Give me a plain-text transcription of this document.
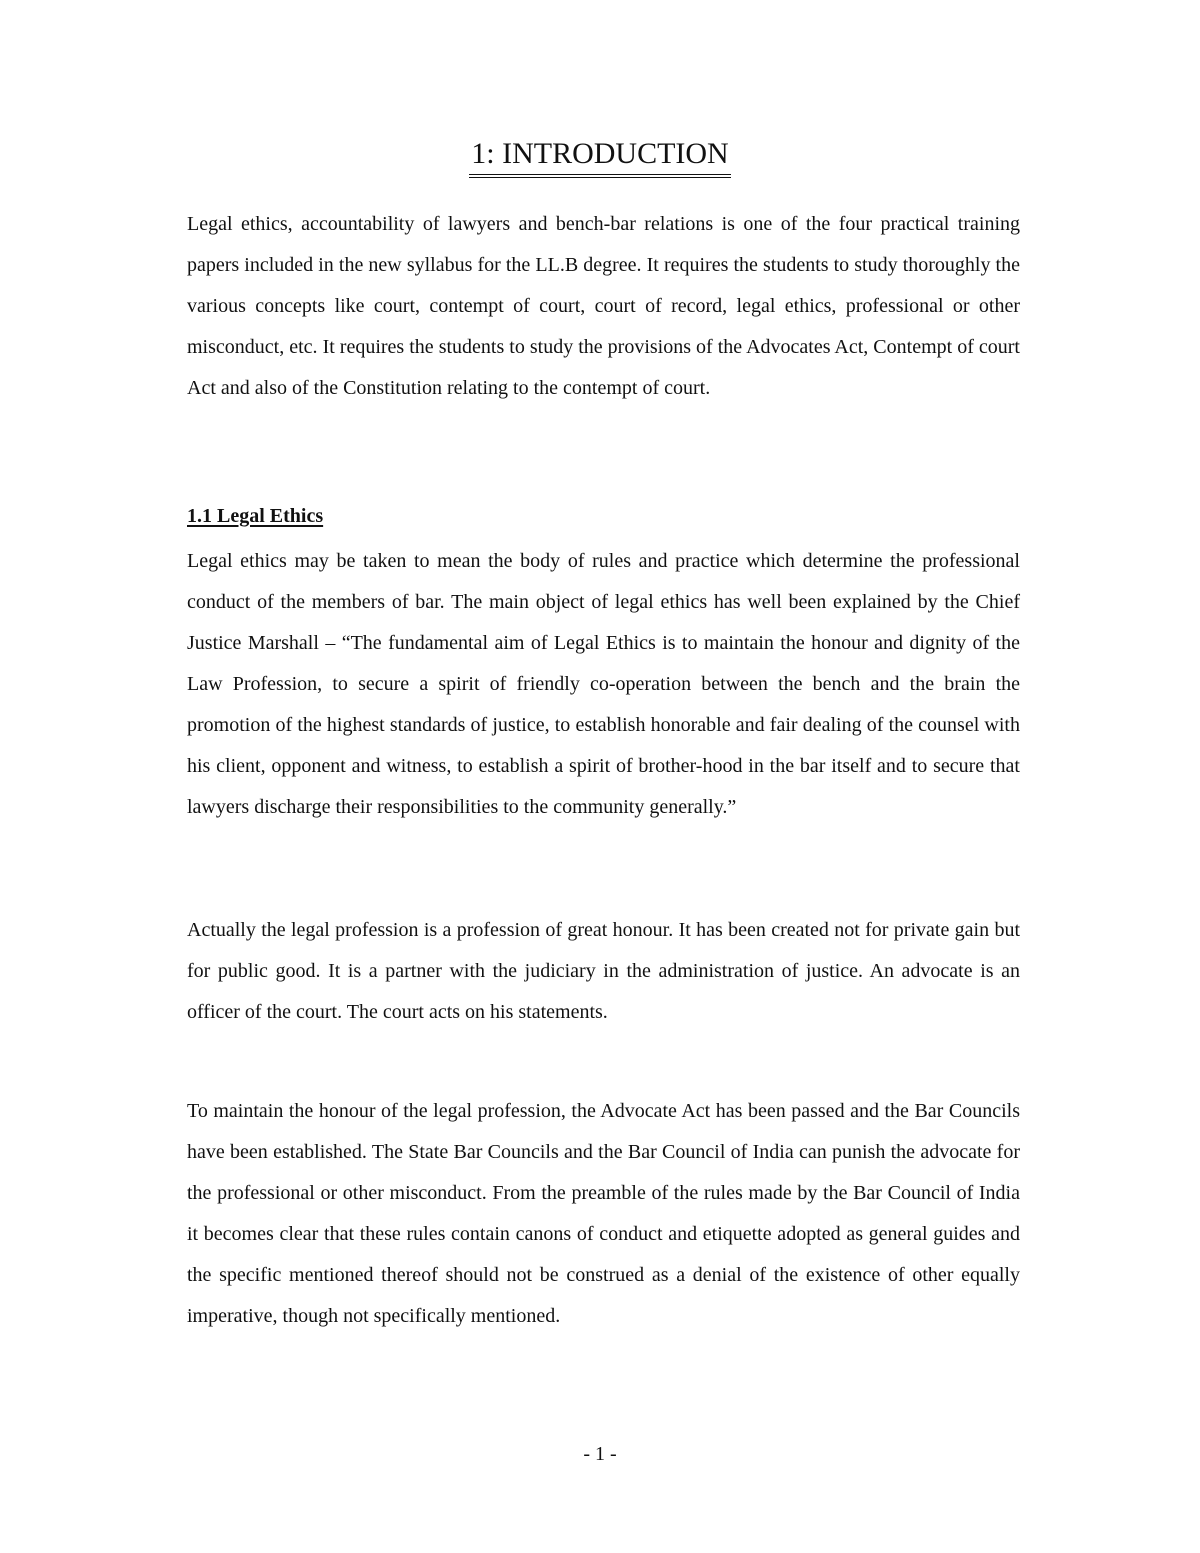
1: INTRODUCTION

Legal ethics, accountability of lawyers and bench-bar relations is one of the four practical training papers included in the new syllabus for the LL.B degree. It requires the students to study thoroughly the various concepts like court, contempt of court, court of record, legal ethics, professional or other misconduct, etc. It requires the students to study the provisions of the Advocates Act, Contempt of court Act and also of the Constitution relating to the contempt of court.

1.1 Legal Ethics

Legal ethics may be taken to mean the body of rules and practice which determine the professional conduct of the members of bar. The main object of legal ethics has well been explained by the Chief Justice Marshall – “The fundamental aim of Legal Ethics is to maintain the honour and dignity of the Law Profession, to secure a spirit of friendly co-operation between the bench and the brain the promotion of the highest standards of justice, to establish honorable and fair dealing of the counsel with his client, opponent and witness, to establish a spirit of brother-hood in the bar itself and to secure that lawyers discharge their responsibilities to the community generally.”

Actually the legal profession is a profession of great honour. It has been created not for private gain but for public good. It is a partner with the judiciary in the administration of justice. An advocate is an officer of the court. The court acts on his statements.

To maintain the honour of the legal profession, the Advocate Act has been passed and the Bar Councils have been established. The State Bar Councils and the Bar Council of India can punish the advocate for the professional or other misconduct. From the preamble of the rules made by the Bar Council of India it becomes clear that these rules contain canons of conduct and etiquette adopted as general guides and the specific mentioned thereof should not be construed as a denial of the existence of other equally imperative, though not specifically mentioned.

- 1 -
